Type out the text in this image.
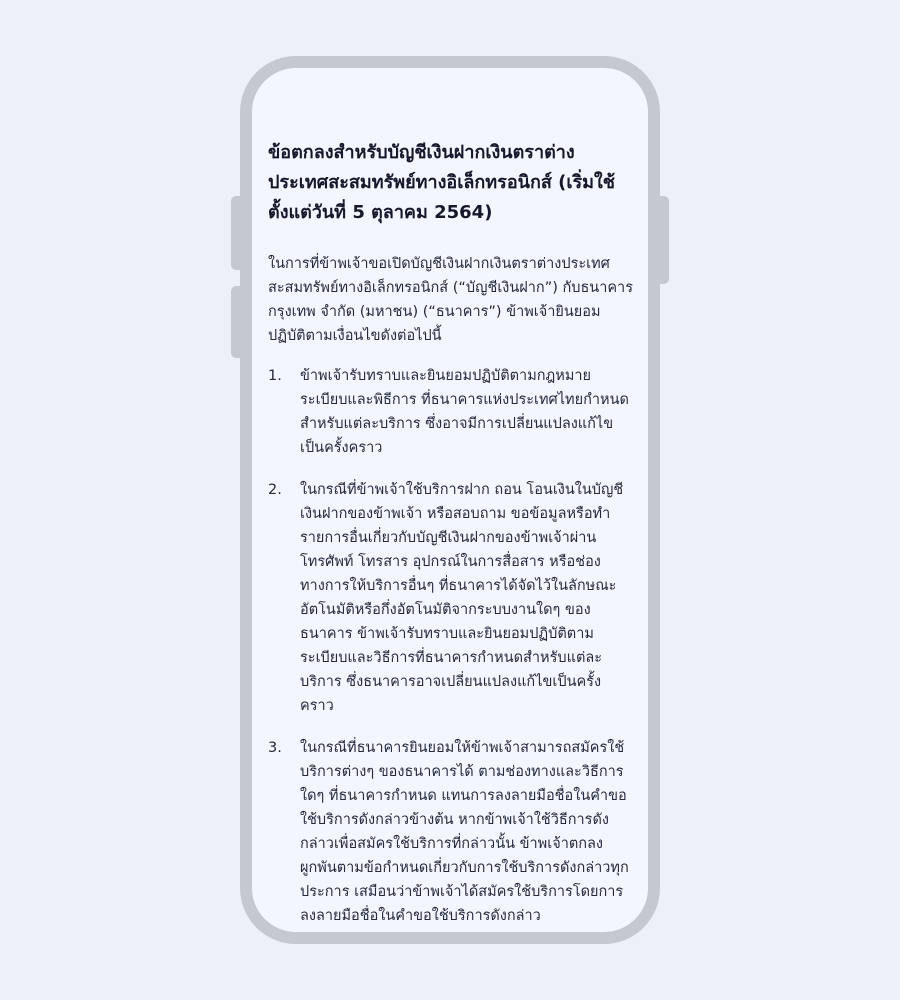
ข้อตกลงสำหรับบัญชีเงินฝากเงินตราต่างประเทศสะสมทรัพย์ทางอิเล็กทรอนิกส์ (เริ่มใช้ตั้งแต่วันที่ 5 ตุลาคม 2564)

ในการที่ข้าพเจ้าขอเปิดบัญชีเงินฝากเงินตราต่างประเทศสะสมทรัพย์ทางอิเล็กทรอนิกส์ (“บัญชีเงินฝาก”) กับธนาคารกรุงเทพ จำกัด (มหาชน) (“ธนาคาร”) ข้าพเจ้ายินยอมปฏิบัติตามเงื่อนไขดังต่อไปนี้

1.	ข้าพเจ้ารับทราบและยินยอมปฏิบัติตามกฎหมาย ระเบียบและพิธีการ ที่ธนาคารแห่งประเทศไทยกำหนดสำหรับแต่ละบริการ ซึ่งอาจมีการเปลี่ยนแปลงแก้ไขเป็นครั้งคราว
2.	ในกรณีที่ข้าพเจ้าใช้บริการฝาก ถอน โอนเงินในบัญชีเงินฝากของข้าพเจ้า หรือสอบถาม ขอข้อมูลหรือทำรายการอื่นเกี่ยวกับบัญชีเงินฝากของข้าพเจ้าผ่านโทรศัพท์ โทรสาร อุปกรณ์ในการสื่อสาร หรือช่องทางการให้บริการอื่นๆ ที่ธนาคารได้จัดไว้ในลักษณะอัตโนมัติหรือกึ่งอัตโนมัติจากระบบงานใดๆ ของธนาคาร ข้าพเจ้ารับทราบและยินยอมปฏิบัติตามระเบียบและวิธีการที่ธนาคารกำหนดสำหรับแต่ละบริการ ซึ่งธนาคารอาจเปลี่ยนแปลงแก้ไขเป็นครั้งคราว
3.	ในกรณีที่ธนาคารยินยอมให้ข้าพเจ้าสามารถสมัครใช้บริการต่างๆ ของธนาคารได้ ตามช่องทางและวิธีการใดๆ ที่ธนาคารกำหนด แทนการลงลายมือชื่อในคำขอใช้บริการดังกล่าวข้างต้น หากข้าพเจ้าใช้วิธีการดังกล่าวเพื่อสมัครใช้บริการที่กล่าวนั้น ข้าพเจ้าตกลงผูกพันตามข้อกำหนดเกี่ยวกับการใช้บริการดังกล่าวทุกประการ เสมือนว่าข้าพเจ้าได้สมัครใช้บริการโดยการลงลายมือชื่อในคำขอใช้บริการดังกล่าว
